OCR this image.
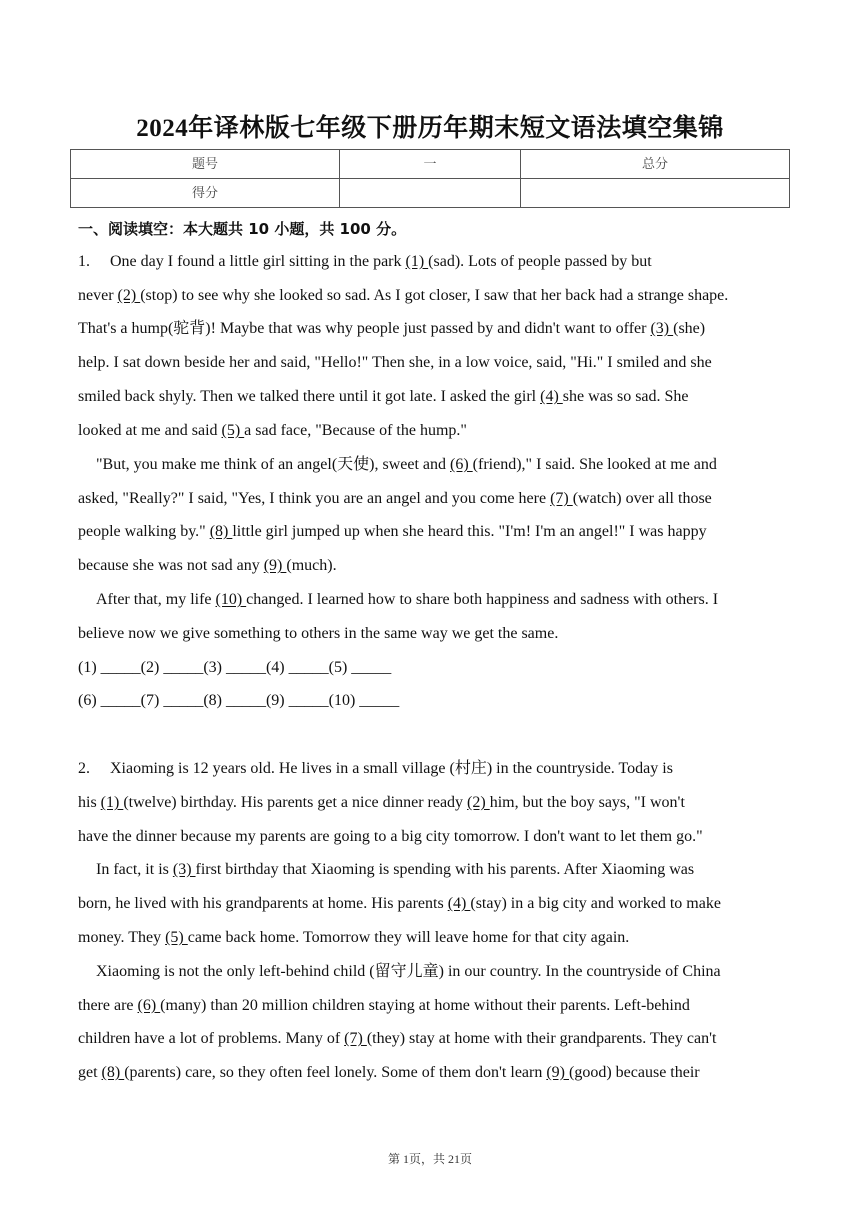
2024年译林版七年级下册历年期末短文语法填空集锦
题号	一	总分
得分		
一、阅读填空：本大题共 10 小题，共 100 分。
1. One day I found a little girl sitting in the park (1) (sad). Lots of people passed by but
never (2) (stop) to see why she looked so sad. As I got closer, I saw that her back had a strange shape.
That's a hump(驼背)! Maybe that was why people just passed by and didn't want to offer (3) (she)
help. I sat down beside her and said, "Hello!" Then she, in a low voice, said, "Hi." I smiled and she
smiled back shyly. Then we talked there until it got late. I asked the girl (4) she was so sad. She
looked at me and said (5) a sad face, "Because of the hump."
"But, you make me think of an angel(天使), sweet and (6) (friend)," I said. She looked at me and
asked, "Really?" I said, "Yes, I think you are an angel and you come here (7) (watch) over all those
people walking by." (8) little girl jumped up when she heard this. "I'm! I'm an angel!" I was happy
because she was not sad any (9) (much).
After that, my life (10) changed. I learned how to share both happiness and sadness with others. I
believe now we give something to others in the same way we get the same.
(1) _____(2) _____(3) _____(4) _____(5) _____
(6) _____(7) _____(8) _____(9) _____(10) _____
2. Xiaoming is 12 years old. He lives in a small village (村庄) in the countryside. Today is
his (1) (twelve) birthday. His parents get a nice dinner ready (2) him, but the boy says, "I won't
have the dinner because my parents are going to a big city tomorrow. I don't want to let them go."
In fact, it is (3) first birthday that Xiaoming is spending with his parents. After Xiaoming was
born, he lived with his grandparents at home. His parents (4) (stay) in a big city and worked to make
money. They (5) came back home. Tomorrow they will leave home for that city again.
Xiaoming is not the only left-behind child (留守儿童) in our country. In the countryside of China
there are (6) (many) than 20 million children staying at home without their parents. Left-behind
children have a lot of problems. Many of (7) (they) stay at home with their grandparents. They can't
get (8) (parents) care, so they often feel lonely. Some of them don't learn (9) (good) because their
第 1页，共 21页
